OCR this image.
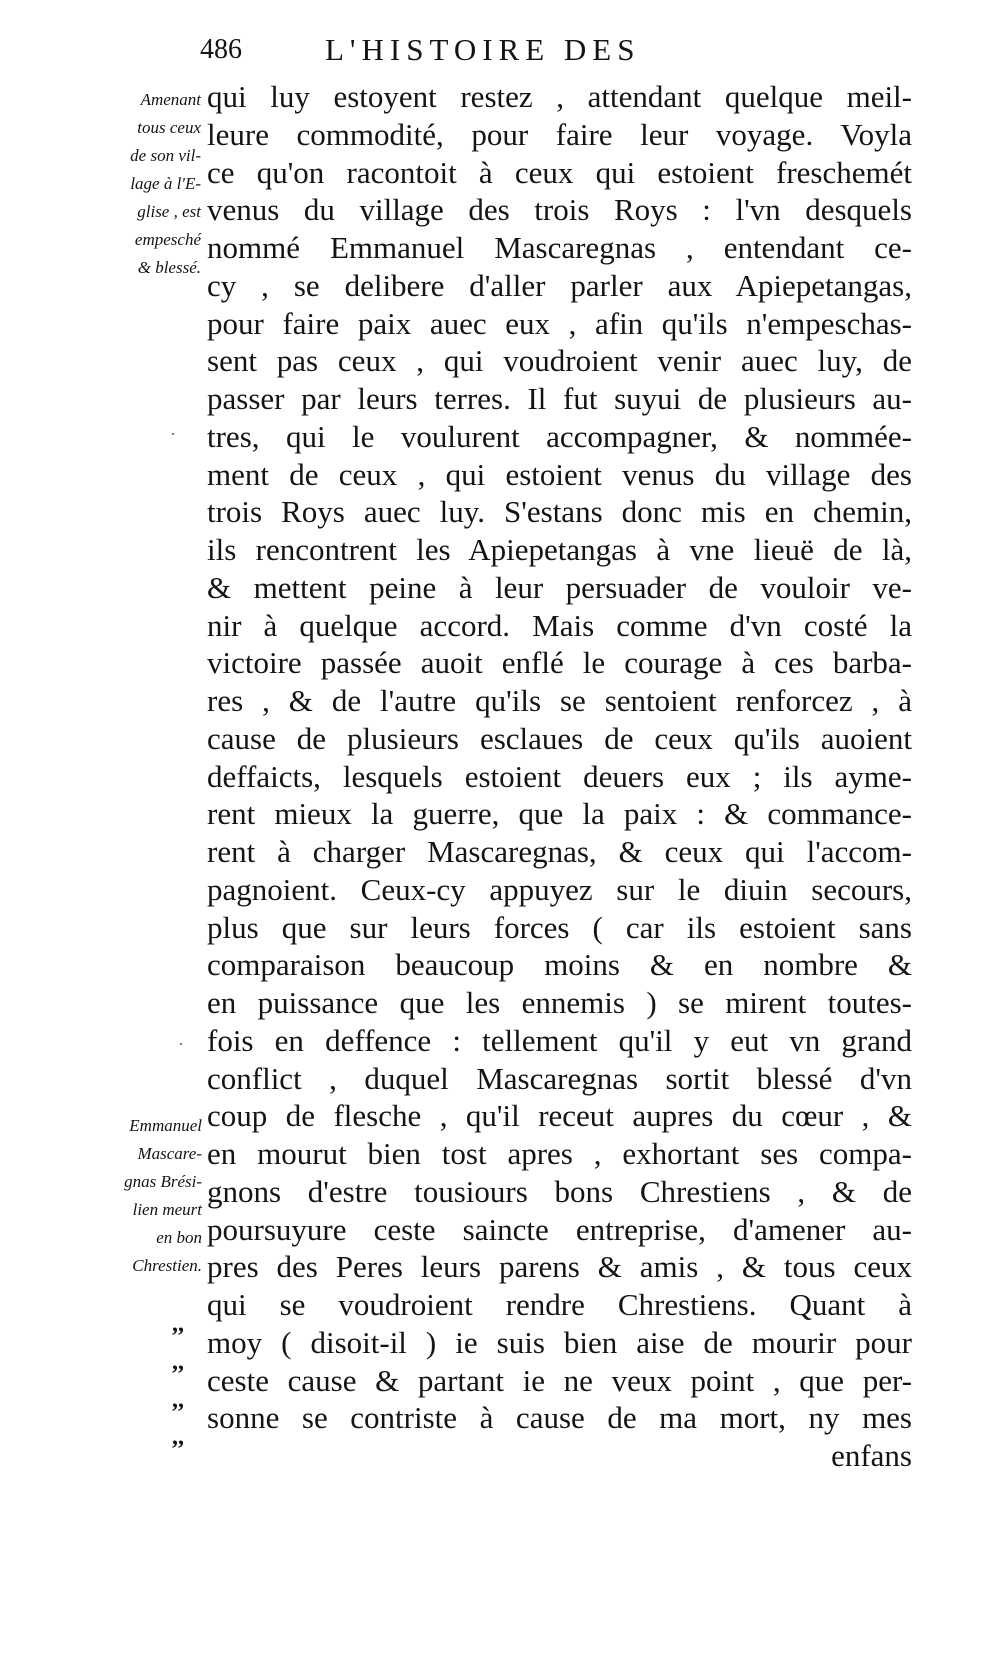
486	L'HISTOIRE DES
Amenant
tous ceux
de son vil-
lage à l'E-
glise , est
empesché
& blessé.
Emmanuel
Mascare-
gnas Brési-
lien meurt
en bon
Chrestien.
,,
,,
,,
,,
qui luy estoyent restez , attendant quelque meil-
leure commodité, pour faire leur voyage. Voyla
ce qu'on racontoit à ceux qui estoient freschemét
venus du village des trois Roys : l'vn desquels
nommé Emmanuel Mascaregnas , entendant ce-
cy , se delibere d'aller parler aux Apiepetangas,
pour faire paix auec eux , afin qu'ils n'empeschas-
sent pas ceux , qui voudroient venir auec luy, de
passer par leurs terres. Il fut suyui de plusieurs au-
tres, qui le voulurent accompagner, & nommée-
ment de ceux , qui estoient venus du village des
trois Roys auec luy. S'estans donc mis en chemin,
ils rencontrent les Apiepetangas à vne lieuë de là,
& mettent peine à leur persuader de vouloir ve-
nir à quelque accord. Mais comme d'vn costé la
victoire passée auoit enflé le courage à ces barba-
res , & de l'autre qu'ils se sentoient renforcez , à
cause de plusieurs esclaues de ceux qu'ils auoient
deffaicts, lesquels estoient deuers eux ; ils ayme-
rent mieux la guerre, que la paix : & commance-
rent à charger Mascaregnas, & ceux qui l'accom-
pagnoient. Ceux-cy appuyez sur le diuin secours,
plus que sur leurs forces ( car ils estoient sans
comparaison beaucoup moins & en nombre &
en puissance que les ennemis ) se mirent toutes-
fois en deffence : tellement qu'il y eut vn grand
conflict , duquel Mascaregnas sortit blessé d'vn
coup de flesche , qu'il receut aupres du cœur , &
en mourut bien tost apres , exhortant ses compa-
gnons d'estre tousiours bons Chrestiens , & de
poursuyure ceste saincte entreprise, d'amener au-
pres des Peres leurs parens & amis , & tous ceux
qui se voudroient rendre Chrestiens. Quant à
moy ( disoit-il ) ie suis bien aise de mourir pour
ceste cause & partant ie ne veux point , que per-
sonne se contriste à cause de ma mort, ny mes
enfans
·
·
